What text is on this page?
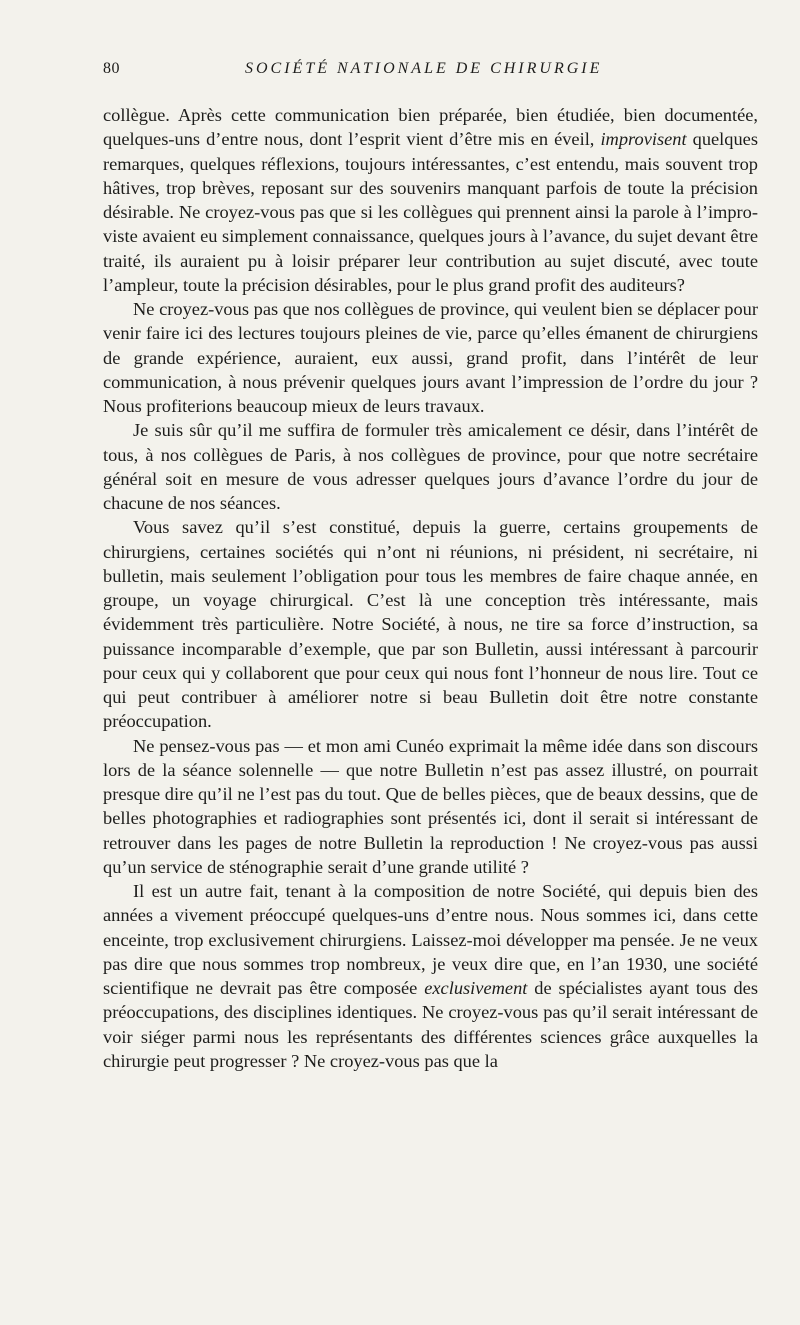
80	SOCIÉTÉ NATIONALE DE CHIRURGIE

collègue. Après cette communication bien préparée, bien étudiée, bien documentée, quelques-uns d’entre nous, dont l’esprit vient d’être mis en éveil, improvisent quelques remarques, quelques réflexions, toujours intéressantes, c’est entendu, mais souvent trop hâtives, trop brèves, reposant sur des souvenirs manquant parfois de toute la précision désirable. Ne croyez-vous pas que si les collègues qui prennent ainsi la parole à l’improviste avaient eu simplement connaissance, quelques jours à l’avance, du sujet devant être traité, ils auraient pu à loisir préparer leur contribution au sujet discuté, avec toute l’ampleur, toute la précision désirables, pour le plus grand profit des auditeurs?

Ne croyez-vous pas que nos collègues de province, qui veulent bien se déplacer pour venir faire ici des lectures toujours pleines de vie, parce qu’elles émanent de chirurgiens de grande expérience, auraient, eux aussi, grand profit, dans l’intérêt de leur communication, à nous prévenir quelques jours avant l’impression de l’ordre du jour ? Nous profiterions beaucoup mieux de leurs travaux.

Je suis sûr qu’il me suffira de formuler très amicalement ce désir, dans l’intérêt de tous, à nos collègues de Paris, à nos collègues de province, pour que notre secrétaire général soit en mesure de vous adresser quelques jours d’avance l’ordre du jour de chacune de nos séances.

Vous savez qu’il s’est constitué, depuis la guerre, certains groupements de chirurgiens, certaines sociétés qui n’ont ni réunions, ni président, ni secrétaire, ni bulletin, mais seulement l’obligation pour tous les membres de faire chaque année, en groupe, un voyage chirurgical. C’est là une conception très intéressante, mais évidemment très particulière. Notre Société, à nous, ne tire sa force d’instruction, sa puissance incomparable d’exemple, que par son Bulletin, aussi intéressant à parcourir pour ceux qui y collaborent que pour ceux qui nous font l’honneur de nous lire. Tout ce qui peut contribuer à améliorer notre si beau Bulletin doit être notre constante préoccupation.

Ne pensez-vous pas — et mon ami Cunéo exprimait la même idée dans son discours lors de la séance solennelle — que notre Bulletin n’est pas assez illustré, on pourrait presque dire qu’il ne l’est pas du tout. Que de belles pièces, que de beaux dessins, que de belles photographies et radiographies sont présentés ici, dont il serait si intéressant de retrouver dans les pages de notre Bulletin la reproduction ! Ne croyez-vous pas aussi qu’un service de sténographie serait d’une grande utilité ?

Il est un autre fait, tenant à la composition de notre Société, qui depuis bien des années a vivement préoccupé quelques-uns d’entre nous. Nous sommes ici, dans cette enceinte, trop exclusivement chirurgiens. Laissez-moi développer ma pensée. Je ne veux pas dire que nous sommes trop nombreux, je veux dire que, en l’an 1930, une société scientifique ne devrait pas être composée exclusivement de spécialistes ayant tous des préoccupations, des disciplines identiques. Ne croyez-vous pas qu’il serait intéressant de voir siéger parmi nous les représentants des différentes sciences grâce auxquelles la chirurgie peut progresser ? Ne croyez-vous pas que la
